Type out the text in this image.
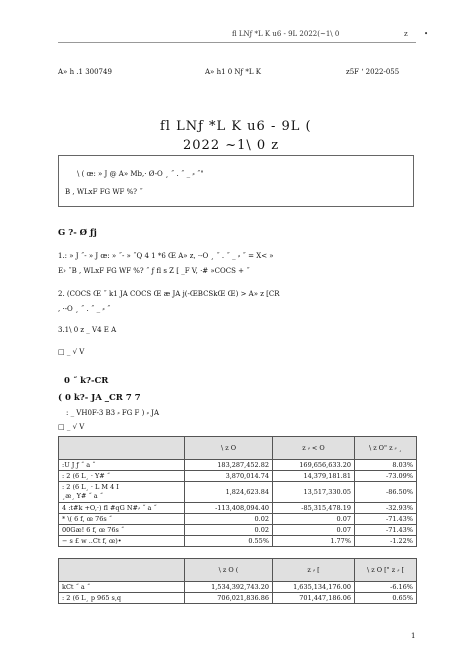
fl LNƒ *L K u6 - 9L 2022(~1\ 0	z •
A» h .1 300749	A» h1 0 Nƒ *L K	z5F ʻ 2022-055
fl LNƒ *L K u6 - 9L (
2022 ~1\ 0 z
\ ( œ: » J @ A» Mb,· Ø-O ¸ ˝ . ˝ _ ⸗ ˝"
B , WLxF FG WF %? ˝
G ?- Ø ƒj
1.: » J ˝- » J œ: » ˝- » ˝Q 4 1 *6 Œ A» z, ·-O ¸ ˝ . ˝ _ ⸗ ˝ = X< »
E› ˝B , WLxF FG WF %? ˝ ƒ fl s Z [ _F V, ·# »COCS + ˝
2. (COCS Œ ˝ k1 JA COCS Œ æ JA j(-ŒBCSkŒ Œ) > A» z [CR
, ·-O ¸ ˝ . ˝ _ ⸗ ˝
3.1\ 0 z _ V4 E A
□ _ √ V
0 ˝ k?-CR
( 0 k?- JA _CR 7 7
: _ VH0F-3 B3 ⸗ FG F ) ⸗ JA
□ _ √ V
	\ z O	z ⸗ < O	\ z O" z ⸗ ¸
:U J ƒ ˝ a ˝	183,287,452.82	169,656,633.20	8.03%
: 2 (6 L¸ · Y# ˝	3,870,014.74	14,379,181.81	-73.09%

: 2 (6 L¸ · L M 4 I
¸æ¸ Y# ˝ a ˝	1,824,623.84	13,517,330.05	-86.50%
4 :t#k +O,·) fl #qG N#⸗ ˝ a ˝	-113,408,094.40	-85,315,478.19	-32.93%
* \( 6 f, œ 76s ˝	0.02	0.07	-71.43%
00Gæ! 6 f, œ 76s ˝	0.02	0.07	-71.43%
− s £ w ..Ct f, œ)•	0.55%	1.77%	-1.22%
	\ z O (	z ⸗ [	\ z O [" z ⸗ [
kCt ˝ a ˝	1,534,392,743.20	1,635,134,176.00	-6.16%
: 2 (6 L¸ p 965 s,q	706,021,836.86	701,447,186.06	0.65%
1
